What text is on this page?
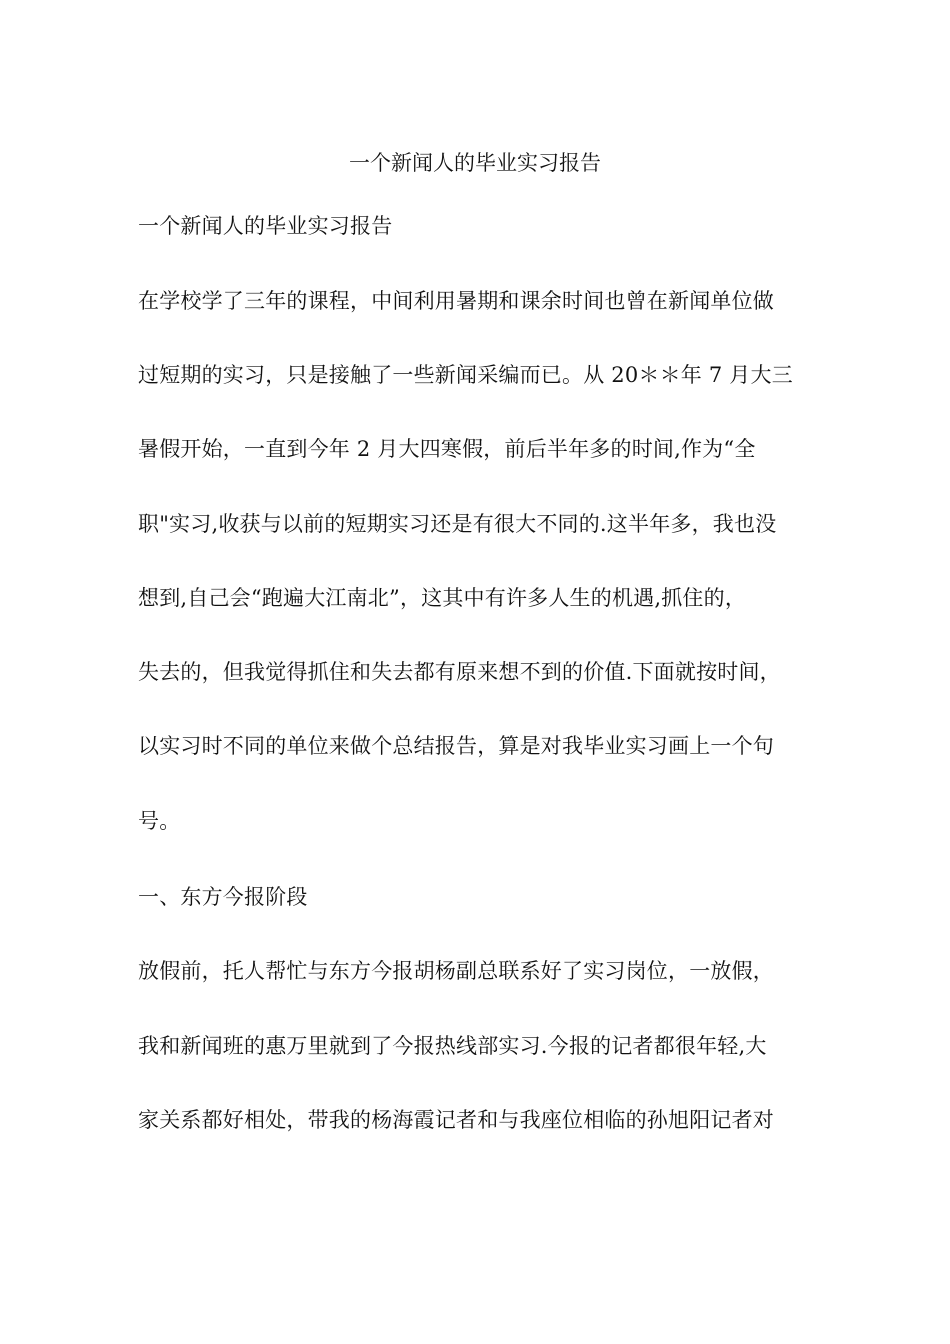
一个新闻人的毕业实习报告
一个新闻人的毕业实习报告
在学校学了三年的课程，中间利用暑期和课余时间也曾在新闻单位做
过短期的实习，只是接触了一些新闻采编而已。从 20＊＊年 7 月大三
暑假开始，一直到今年 2 月大四寒假，前后半年多的时间,作为“全
职"实习,收获与以前的短期实习还是有很大不同的.这半年多，我也没
想到,自己会“跑遍大江南北”，这其中有许多人生的机遇,抓住的，
失去的，但我觉得抓住和失去都有原来想不到的价值.下面就按时间，
以实习时不同的单位来做个总结报告，算是对我毕业实习画上一个句
号。
一、东方今报阶段
放假前，托人帮忙与东方今报胡杨副总联系好了实习岗位，一放假，
我和新闻班的惠万里就到了今报热线部实习.今报的记者都很年轻,大
家关系都好相处，带我的杨海霞记者和与我座位相临的孙旭阳记者对
